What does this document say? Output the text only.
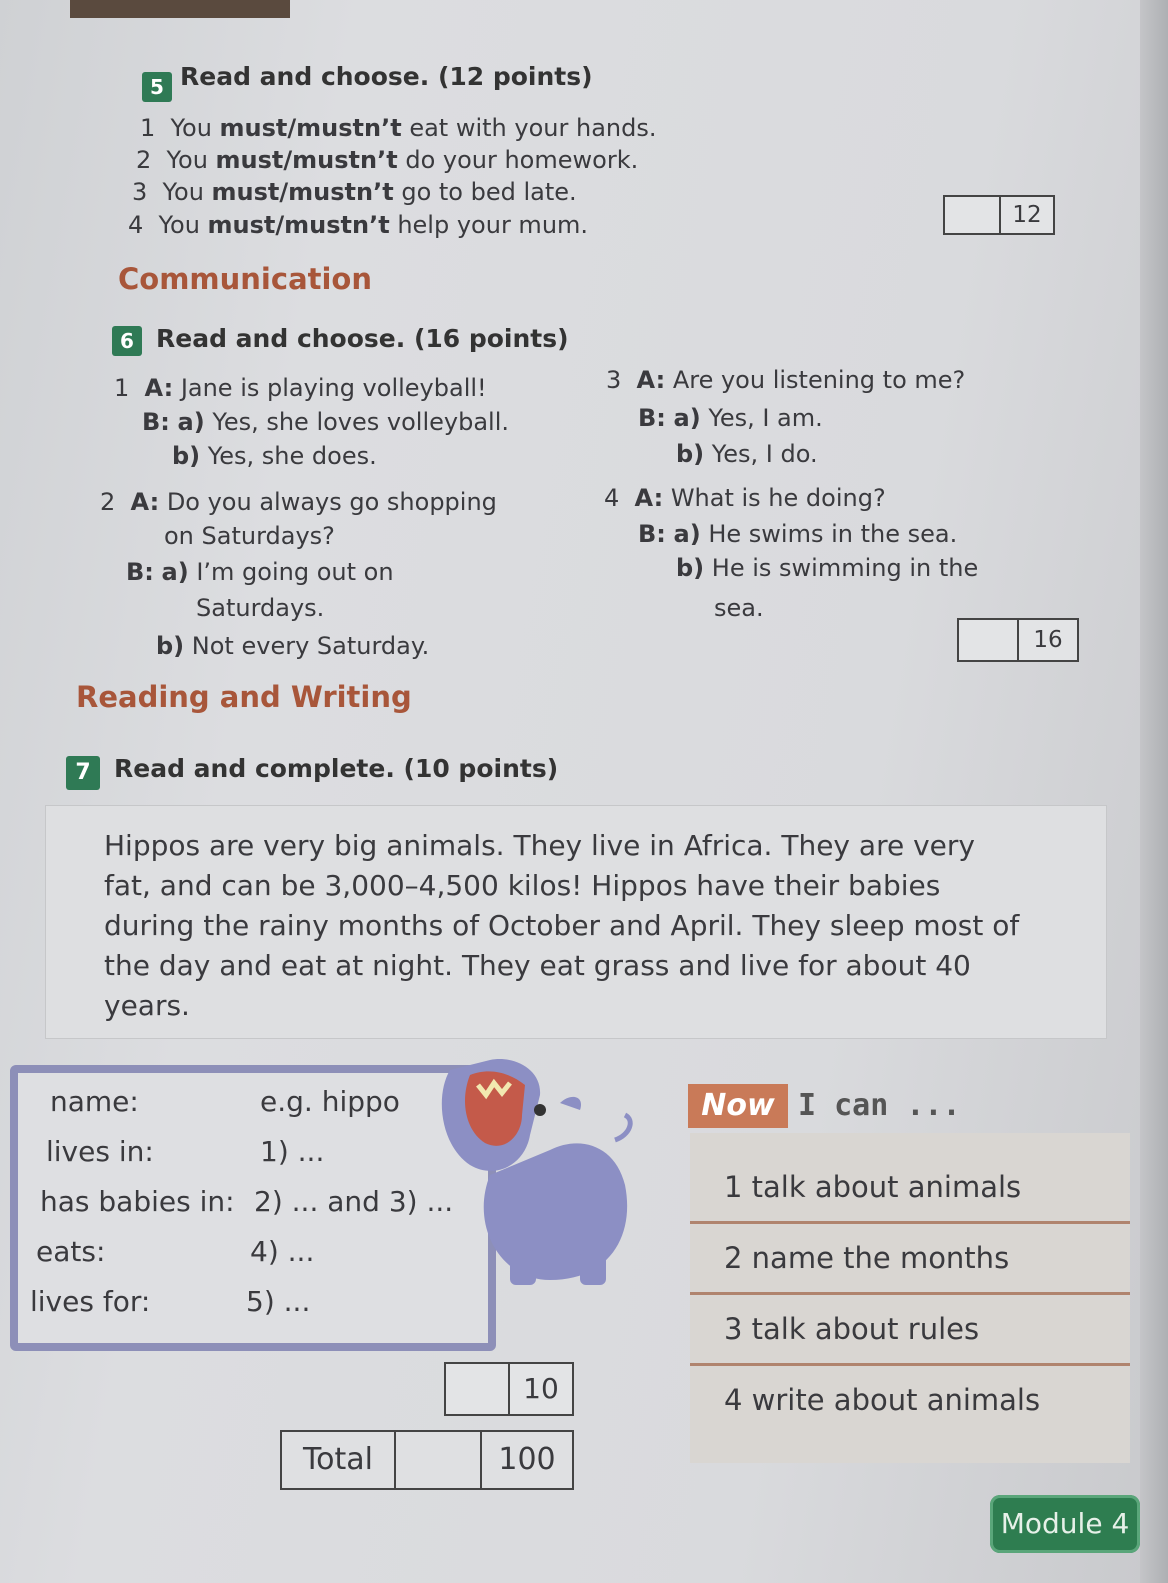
5 Read and choose. (12 points)
1 You must/mustn’t eat with your hands.
2 You must/mustn’t do your homework.
3 You must/mustn’t go to bed late.
4 You must/mustn’t help your mum.	12
Communication
6 Read and choose. (16 points)
1 A: Jane is playing volleyball!
B: a) Yes, she loves volleyball.
b) Yes, she does.
2 A: Do you always go shopping
on Saturdays?
B: a) I’m going out on
Saturdays.
b) Not every Saturday.
3 A: Are you listening to me?
B: a) Yes, I am.
b) Yes, I do.
4 A: What is he doing?
B: a) He swims in the sea.
b) He is swimming in the
sea.
16
Reading and Writing
7 Read and complete. (10 points)
Hippos are very big animals. They live in Africa. They are very fat, and can be 3,000–4,500 kilos! Hippos have their babies during the rainy months of October and April. They sleep most of the day and eat at night. They eat grass and live for about 40 years.
name:	e.g. hippo
lives in:	1) ...
has babies in: 2) ... and 3) ...
eats:	4) ...
lives for:	5) ...
10
Total	100
Now I can ...
1 talk about animals
2 name the months
3 talk about rules
4 write about animals
Module 4
